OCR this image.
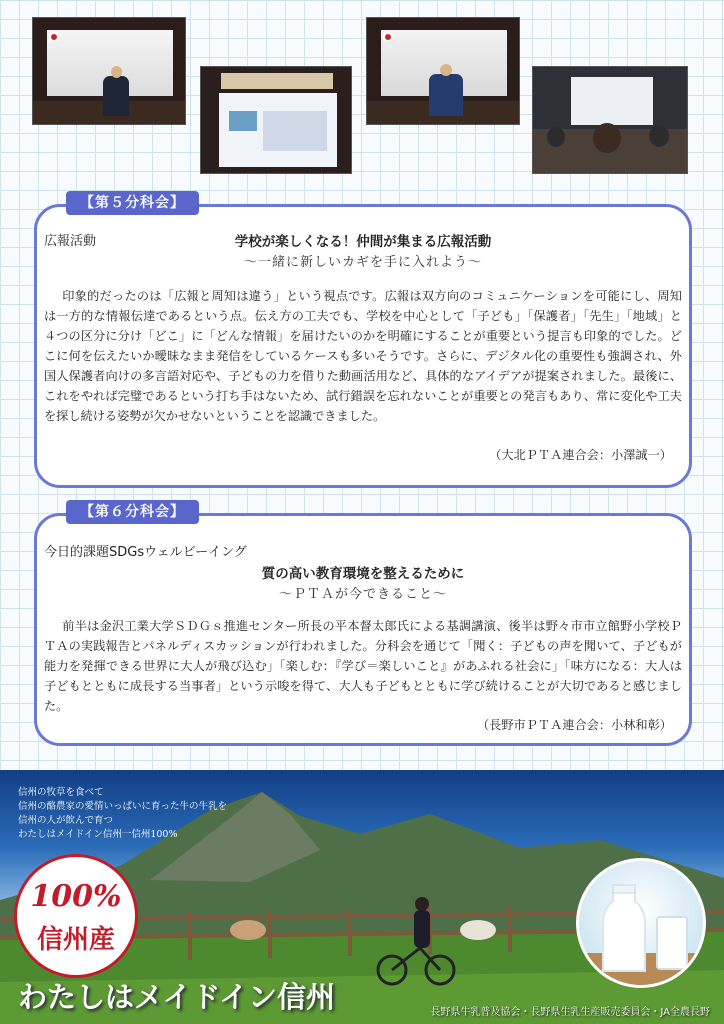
【第５分科会】
広報活動	学校が楽しくなる！仲間が集まる広報活動
〜一緒に新しいカギを手に入れよう〜
印象的だったのは「広報と周知は違う」という視点です。広報は双方向のコミュニケーションを可能にし、周知は一方的な情報伝達であるという点。伝え方の工夫でも、学校を中心として「子ども」「保護者」「先生」「地域」と４つの区分に分け「どこ」に「どんな情報」を届けたいのかを明確にすることが重要という提言も印象的でした。どこに何を伝えたいか曖昧なまま発信をしているケースも多いそうです。さらに、デジタル化の重要性も強調され、外国人保護者向けの多言語対応や、子どもの力を借りた動画活用など、具体的なアイデアが提案されました。最後に、これをやれば完璧であるという打ち手はないため、試行錯誤を忘れないことが重要との発言もあり、常に変化や工夫を探し続ける姿勢が欠かせないということを認識できました。
（大北ＰＴＡ連合会：小澤誠一）
【第６分科会】
今日的課題SDGsウェルビーイング
質の高い教育環境を整えるために
〜ＰＴＡが今できること〜
前半は金沢工業大学ＳＤＧｓ推進センター所長の平本督太郎氏による基調講演、後半は野々市市立館野小学校ＰＴＡの実践報告とパネルディスカッションが行われました。分科会を通じて「聞く：子どもの声を聞いて、子どもが能力を発揮できる世界に大人が飛び込む」「楽しむ：『学び＝楽しいこと』があふれる社会に」「味方になる：大人は子どもとともに成長する当事者」という示唆を得て、大人も子どもとともに学び続けることが大切であると感じました。
（長野市ＰＴＡ連合会：小林和彰）
信州の牧草を食べて
信州の酪農家の愛情いっぱいに育った牛の牛乳を
信州の人が飲んで育つ
わたしはメイドイン信州一信州100%
100%
信州産
わたしはメイドイン信州	長野県牛乳普及協会・長野県生乳生産販売委員会・JA全農長野
